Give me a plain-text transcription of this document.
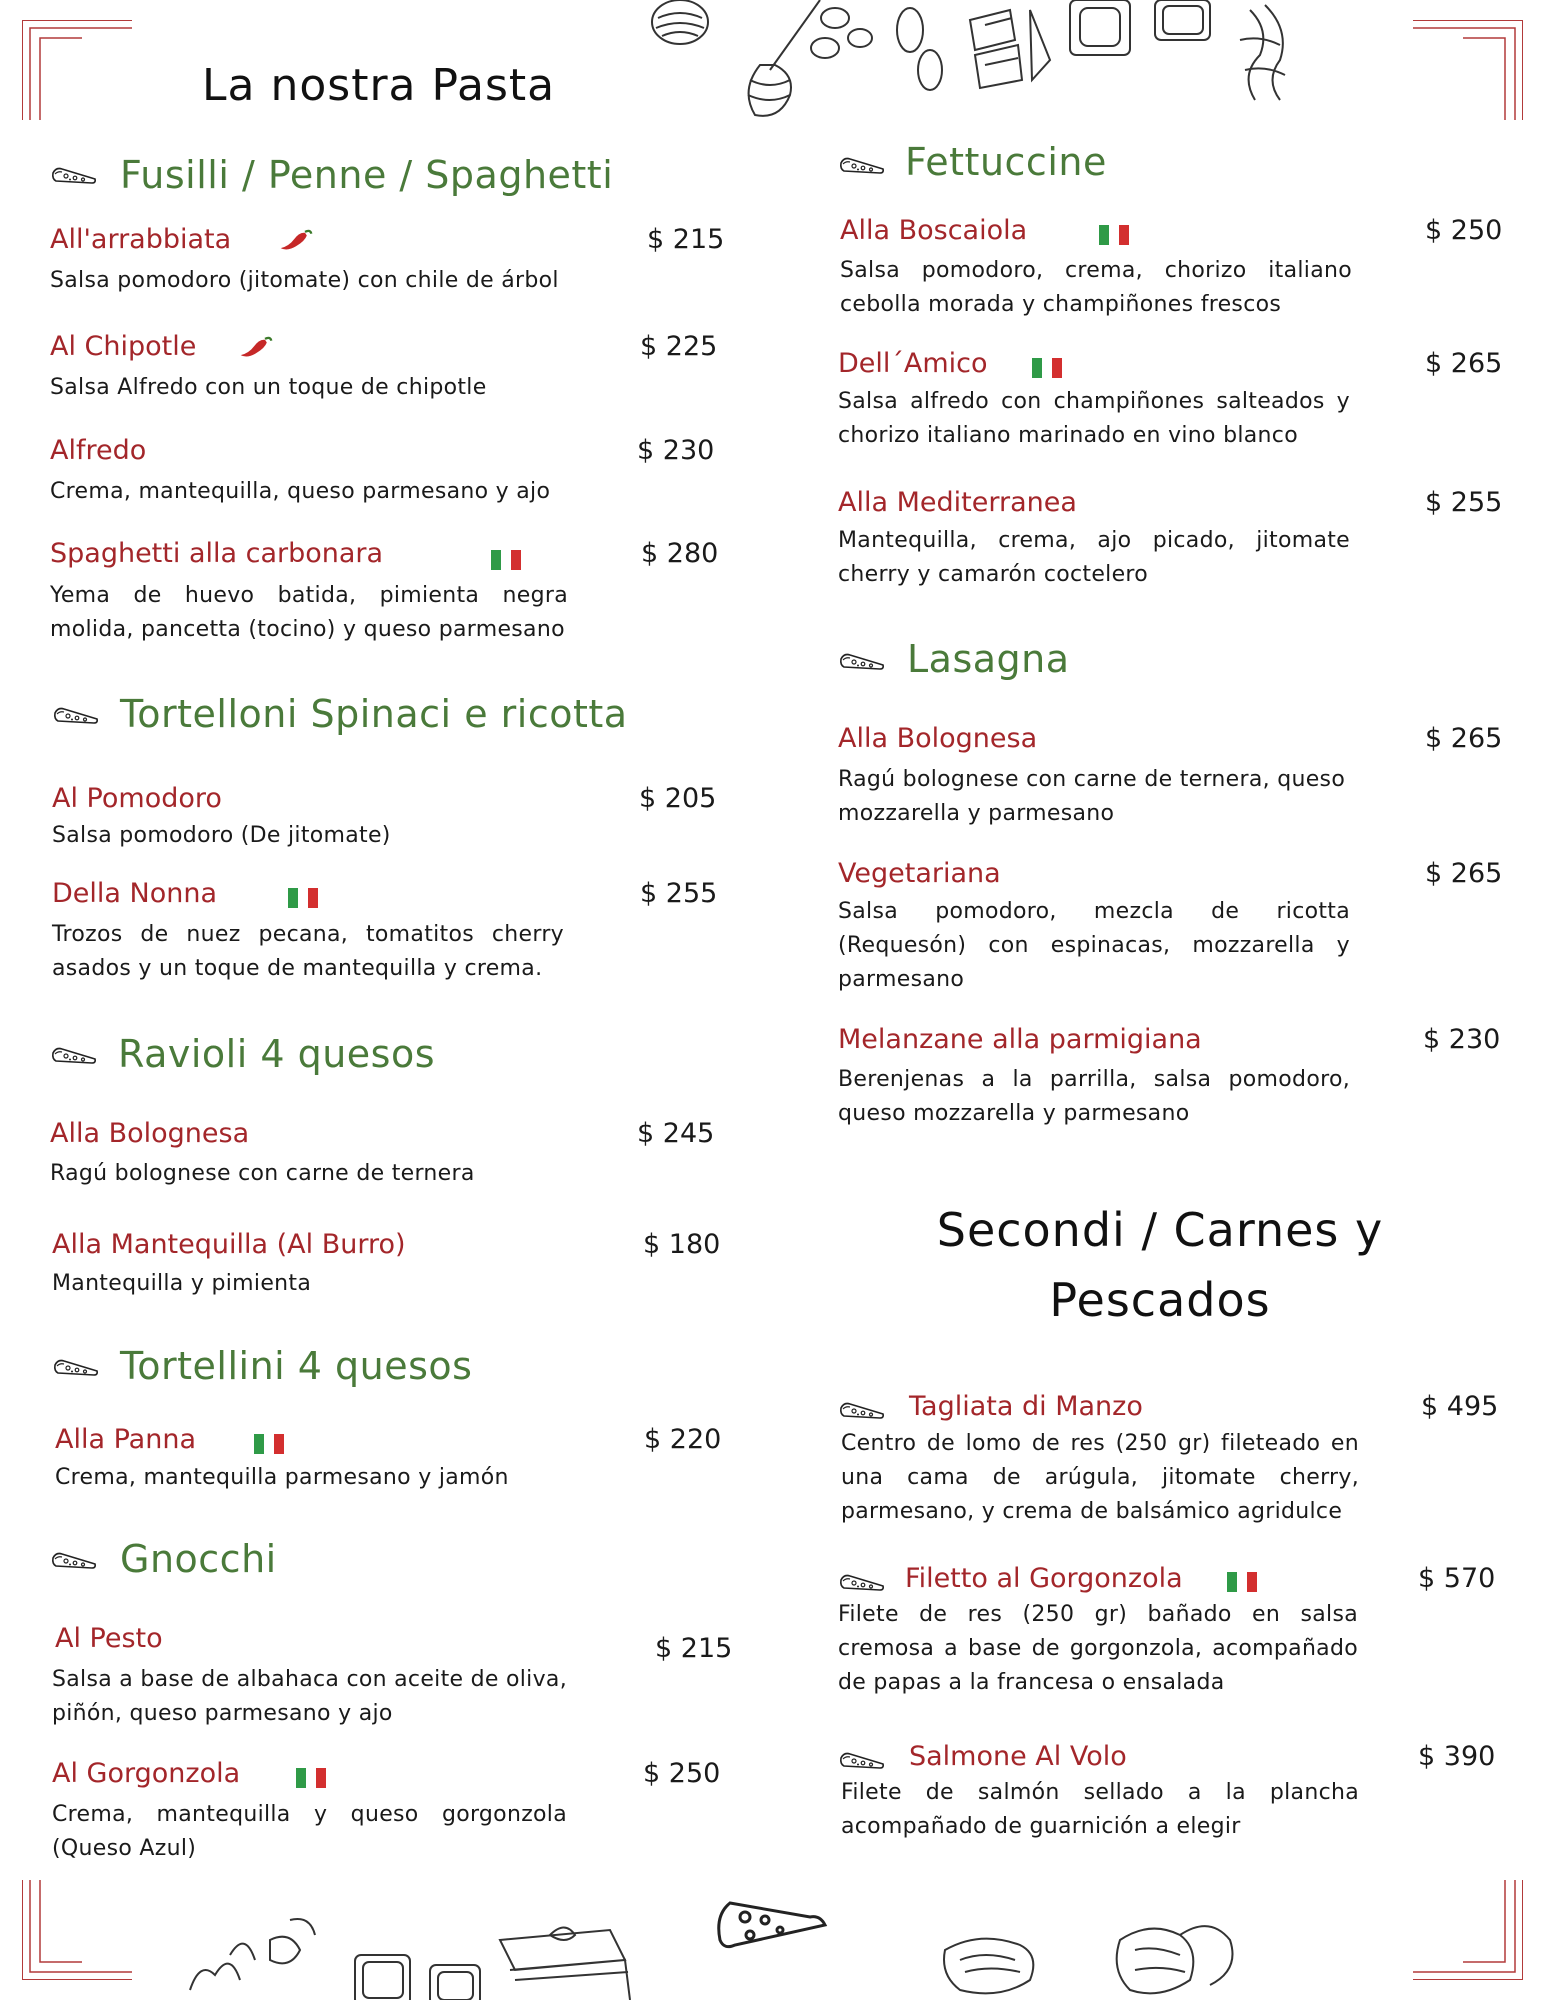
La nostra Pasta
Fusilli / Penne / Spaghetti
All'arrabbiata	$ 215
Salsa pomodoro (jitomate) con chile de árbol
Al Chipotle	$ 225
Salsa Alfredo con un toque de chipotle
Alfredo	$ 230
Crema, mantequilla, queso parmesano y ajo
Spaghetti alla carbonara	$ 280
Yema de huevo batida, pimienta negra molida, pancetta (tocino) y queso parmesano
Tortelloni Spinaci e ricotta
Al Pomodoro	$ 205
Salsa pomodoro (De jitomate)
Della Nonna	$ 255
Trozos de nuez pecana, tomatitos cherry asados y un toque de mantequilla y crema.
Ravioli 4 quesos
Alla Bolognesa	$ 245
Ragú bolognese con carne de ternera
Alla Mantequilla (Al Burro)	$ 180
Mantequilla y pimienta
Tortellini 4 quesos
Alla Panna	$ 220
Crema, mantequilla parmesano y jamón
Gnocchi
Al Pesto	$ 215
Salsa a base de albahaca con aceite de oliva, piñón, queso parmesano y ajo
Al Gorgonzola	$ 250
Crema, mantequilla y queso gorgonzola (Queso Azul)
Fettuccine
Alla Boscaiola	$ 250
Salsa pomodoro, crema, chorizo italiano cebolla morada y champiñones frescos
Dell´Amico	$ 265
Salsa alfredo con champiñones salteados y chorizo italiano marinado en vino blanco
Alla Mediterranea	$ 255
Mantequilla, crema, ajo picado, jitomate cherry y camarón coctelero
Lasagna
Alla Bolognesa	$ 265
Ragú bolognese con carne de ternera, queso mozzarella y parmesano
Vegetariana	$ 265
Salsa pomodoro, mezcla de ricotta (Requesón) con espinacas, mozzarella y parmesano
Melanzane alla parmigiana	$ 230
Berenjenas a la parrilla, salsa pomodoro, queso mozzarella y parmesano
Secondi / Carnes y
Pescados
Tagliata di Manzo	$ 495
Centro de lomo de res (250 gr) fileteado en una cama de arúgula, jitomate cherry, parmesano, y crema de balsámico agridulce
Filetto al Gorgonzola	$ 570
Filete de res (250 gr) bañado en salsa cremosa a base de gorgonzola, acompañado de papas a la francesa o ensalada
Salmone Al Volo	$ 390
Filete de salmón sellado a la plancha acompañado de guarnición a elegir
